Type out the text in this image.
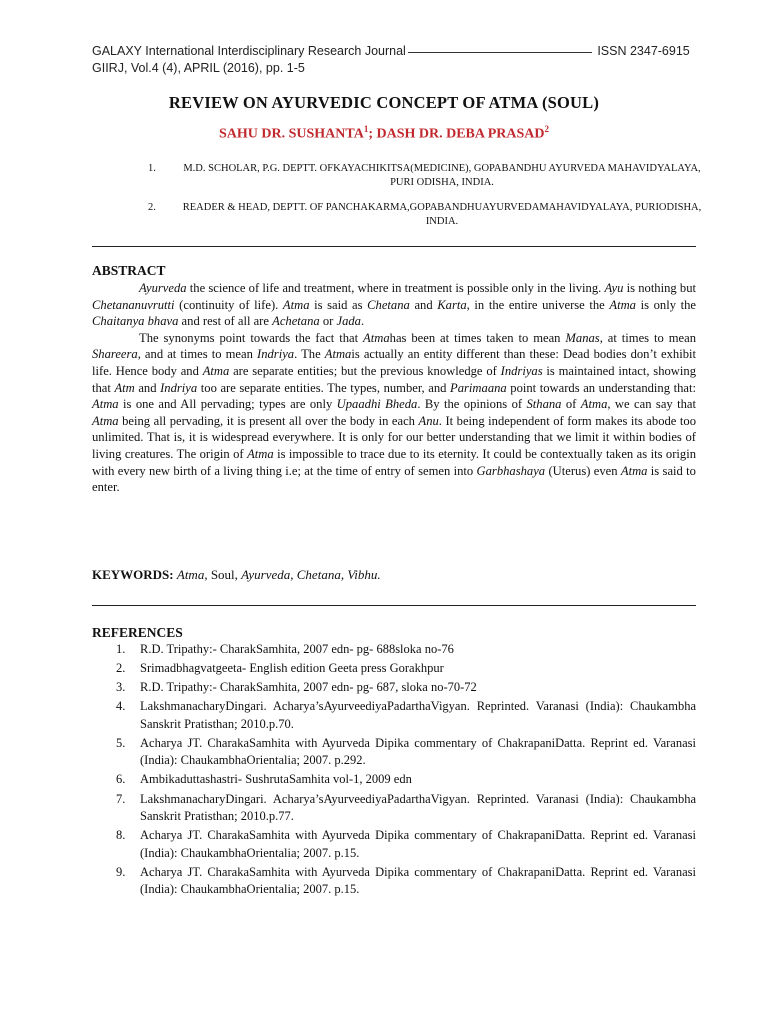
GALAXY International Interdisciplinary Research Journal	ISSN 2347-6915
GIIRJ, Vol.4 (4), APRIL (2016), pp. 1-5
REVIEW ON AYURVEDIC CONCEPT OF ATMA (SOUL)
SAHU DR. SUSHANTA$^1$; DASH DR. DEBA PRASAD$^2$
1.	M.D. SCHOLAR, P.G. DEPTT. OFKAYACHIKITSA(MEDICINE), GOPABANDHU AYURVEDA MAHAVIDYALAYA, PURI ODISHA, INDIA.
2.	READER & HEAD, DEPTT. OF PANCHAKARMA,GOPABANDHUAYURVEDAMAHAVIDYALAYA, PURIODISHA, INDIA.
ABSTRACT

Ayurveda the science of life and treatment, where in treatment is possible only in the living. Ayu is nothing but Chetananuvrutti (continuity of life). Atma is said as Chetana and Karta, in the entire universe the Atma is only the Chaitanya bhava and rest of all are Achetana or Jada.

The synonyms point towards the fact that Atmahas been at times taken to mean Manas, at times to mean Shareera, and at times to mean Indriya. The Atmais actually an entity different than these: Dead bodies don’t exhibit life. Hence body and Atma are separate entities; but the previous knowledge of Indriyas is maintained intact, showing that Atm and Indriya too are separate entities. The types, number, and Parimaana point towards an understanding that: Atma is one and All pervading; types are only Upaadhi Bheda. By the opinions of Sthana of Atma, we can say that Atma being all pervading, it is present all over the body in each Anu. It being independent of form makes its abode too unlimited. That is, it is widespread everywhere. It is only for our better understanding that we limit it within bodies of living creatures. The origin of Atma is impossible to trace due to its eternity. It could be contextually taken as its origin with every new birth of a living thing i.e; at the time of entry of semen into Garbhashaya (Uterus) even Atma is said to enter.

KEYWORDS: Atma, Soul, Ayurveda, Chetana, Vibhu.
REFERENCES
1. R.D. Tripathy:- CharakSamhita, 2007 edn- pg- 688sloka no-76
2. Srimadbhagvatgeeta- English edition Geeta press Gorakhpur
3. R.D. Tripathy:- CharakSamhita, 2007 edn- pg- 687, sloka no-70-72
4. LakshmanacharyDingari. Acharya’sAyurveediyaPadarthaVigyan. Reprinted. Varanasi (India): Chaukambha Sanskrit Pratisthan; 2010.p.70.
5. Acharya JT. CharakaSamhita with Ayurveda Dipika commentary of ChakrapaniDatta. Reprint ed. Varanasi (India): ChaukambhaOrientalia; 2007. p.292.
6. Ambikaduttashastri- SushrutaSamhita vol-1, 2009 edn
7. LakshmanacharyDingari. Acharya’sAyurveediyaPadarthaVigyan. Reprinted. Varanasi (India): Chaukambha Sanskrit Pratisthan; 2010.p.77.
8. Acharya JT. CharakaSamhita with Ayurveda Dipika commentary of ChakrapaniDatta. Reprint ed. Varanasi (India): ChaukambhaOrientalia; 2007. p.15.
9. Acharya JT. CharakaSamhita with Ayurveda Dipika commentary of ChakrapaniDatta. Reprint ed. Varanasi (India): ChaukambhaOrientalia; 2007. p.15.
